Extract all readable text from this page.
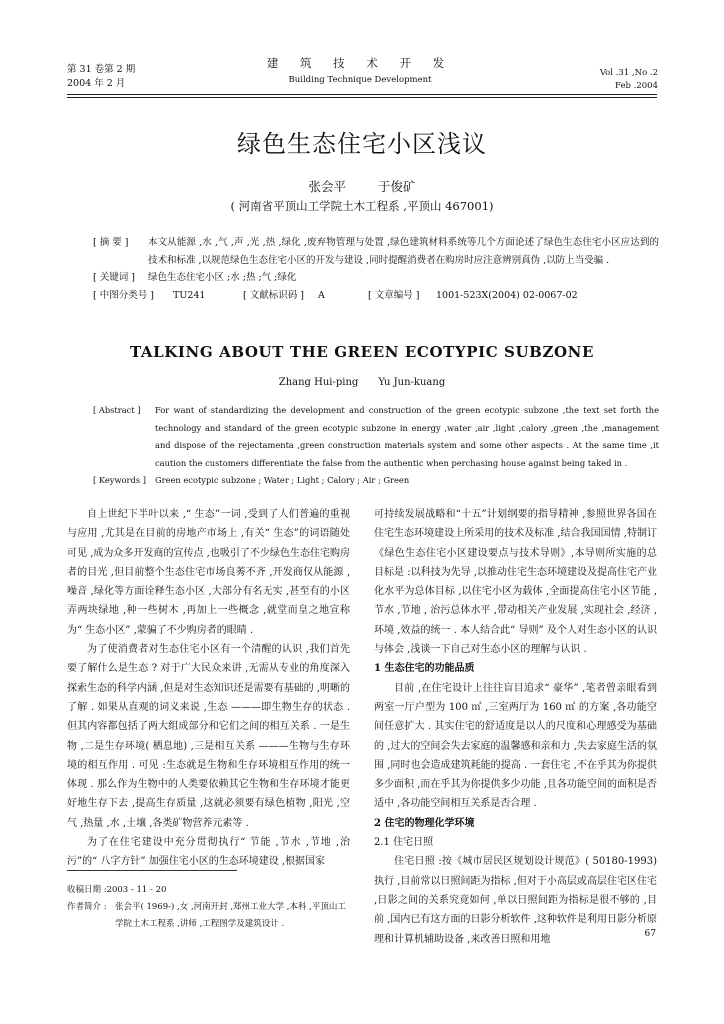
第 31 卷第 2 期
2004 年 2 月
建 筑 技 术 开 发
Building Technique Development
Vol .31 ,No .2
Feb .2004
绿色生态住宅小区浅议
张会平	于俊矿
( 河南省平顶山工学院土木工程系 ,平顶山 467001)
[ 摘 要 ]	本文从能源 ,水 ,气 ,声 ,光 ,热 ,绿化 ,废弃物管理与处置 ,绿色建筑材料系统等几个方面论述了绿色生态住宅小区应达到的技术和标准 ,以规范绿色生态住宅小区的开发与建设 ,同时提醒消费者在购房时应注意辨别真伪 ,以防上当受骗 .
[ 关键词 ]	绿色生态住宅小区 ;水 ;热 ;气 ;绿化
[ 中图分类号 ]	TU241	[ 文献标识码 ]	A	[ 文章编号 ]	1001-523X(2004) 02-0067-02
TALKING ABOUT THE GREEN ECOTYPIC SUBZONE
Zhang Hui-ping Yu Jun-kuang
[ Abstract ]	For want of standardizing the development and construction of the green ecotypic subzone ,the text set forth the technology and standard of the green ecotypic subzone in energy ,water ,air ,light ,calory ,green ,the ,management and dispose of the rejectamenta ,green construction materials system and some other aspects . At the same time ,it caution the customers differentiate the false from the authentic when perchasing house against being taked in .
[ Keywords ]	Green ecotypic subzone ; Water ; Light ; Calory ; Air ; Green

自上世纪下半叶以来 ,“ 生态”一词 ,受到了人们普遍的重视与应用 ,尤其是在目前的房地产市场上 ,有关“ 生态”的词语随处可见 ,成为众多开发商的宣传点 ,也吸引了不少绿色生态住宅购房者的目光 ,但目前整个生态住宅市场良莠不齐 ,开发商仅从能源 ,噪音 ,绿化等方面诠释生态小区 ,大部分有名无实 ,甚至有的小区弄两块绿地 ,种一些树木 ,再加上一些概念 ,就堂而皇之地宣称为“ 生态小区” ,蒙骗了不少购房者的眼睛 .

为了使消费者对生态住宅小区有一个清醒的认识 ,我们首先要了解什么是生态 ? 对于广大民众来讲 ,无需从专业的角度深入探索生态的科学内涵 ,但是对生态知识还是需要有基础的 ,明晰的了解 . 如果从直观的词义来说 ,生态 ———即生物生存的状态 . 但其内容都包括了两大组成部分和它们之间的相互关系 . 一是生物 ,二是生存环境( 栖息地) ,三是相互关系 ———生物与生存环境的相互作用 . 可见 :生态就是生物和生存环境相互作用的统一体现 . 那么作为生物中的人类要依赖其它生物和生存环境才能更好地生存下去 ,提高生存质量 ,这就必须要有绿色植物 ,阳光 ,空气 ,热量 ,水 ,土壤 ,各类矿物营养元素等 .

为了在住宅建设中充分贯彻执行“ 节能 ,节水 ,节地 ,治污”的“ 八字方针” 加强住宅小区的生态环境建设 ,根据国家

可持续发展战略和“十五”计划纲要的指导精神 ,参照世界各国在住宅生态环境建设上所采用的技术及标准 ,结合我国国情 ,特制订《绿色生态住宅小区建设要点与技术导则》,本导则所实施的总目标是 :以科技为先导 ,以推动住宅生态环境建设及提高住宅产业化水平为总体目标 ,以住宅小区为载体 ,全面提高住宅小区节能 ,节水 ,节地 , 治污总体水平 ,带动相关产业发展 ,实现社会 ,经济 ,环境 ,效益的统一 . 本人结合此“ 导则” 及个人对生态小区的认识与体会 ,浅谈一下自己对生态小区的理解与认识 .

1 生态住宅的功能品质

目前 ,在住宅设计上往往盲目追求“ 豪华” ,笔者曾亲眼看到两室一厅户型为 100 ㎡ ,三室两厅为 160 ㎡ 的方案 ,各功能空间任意扩大 . 其实住宅的舒适度是以人的尺度和心理感受为基础的 ,过大的空间会失去家庭的温馨感和亲和力 ,失去家庭生活的氛围 ,同时也会造成建筑耗能的提高 . 一套住宅 ,不在乎其为你提供多少面积 ,而在乎其为你提供多少功能 ,且各功能空间的面积是否适中 ,各功能空间相互关系是否合理 .

2 住宅的物理化学环境

2.1 住宅日照

住宅日照 :按《城市居民区规划设计规范》( 50180-1993) 执行 ,目前常以日照间距为指标 ,但对于小高层或高层住宅区住宅 ,日影之间的关系究竟如何 ,单以日照间距为指标是很不够的 ,目前 ,国内已有这方面的日影分析软件 ,这种软件是利用日影分析原理和计算机辅助设备 ,来改善日照和用地

收稿日期 :2003 - 11 - 20
作者简介 : 张会平( 1969-) ,女 ,河南开封 ,郑州工业大学 ,本科 ,平顶山工学院土木工程系 ,讲师 ,工程图学及建筑设计 .
67
